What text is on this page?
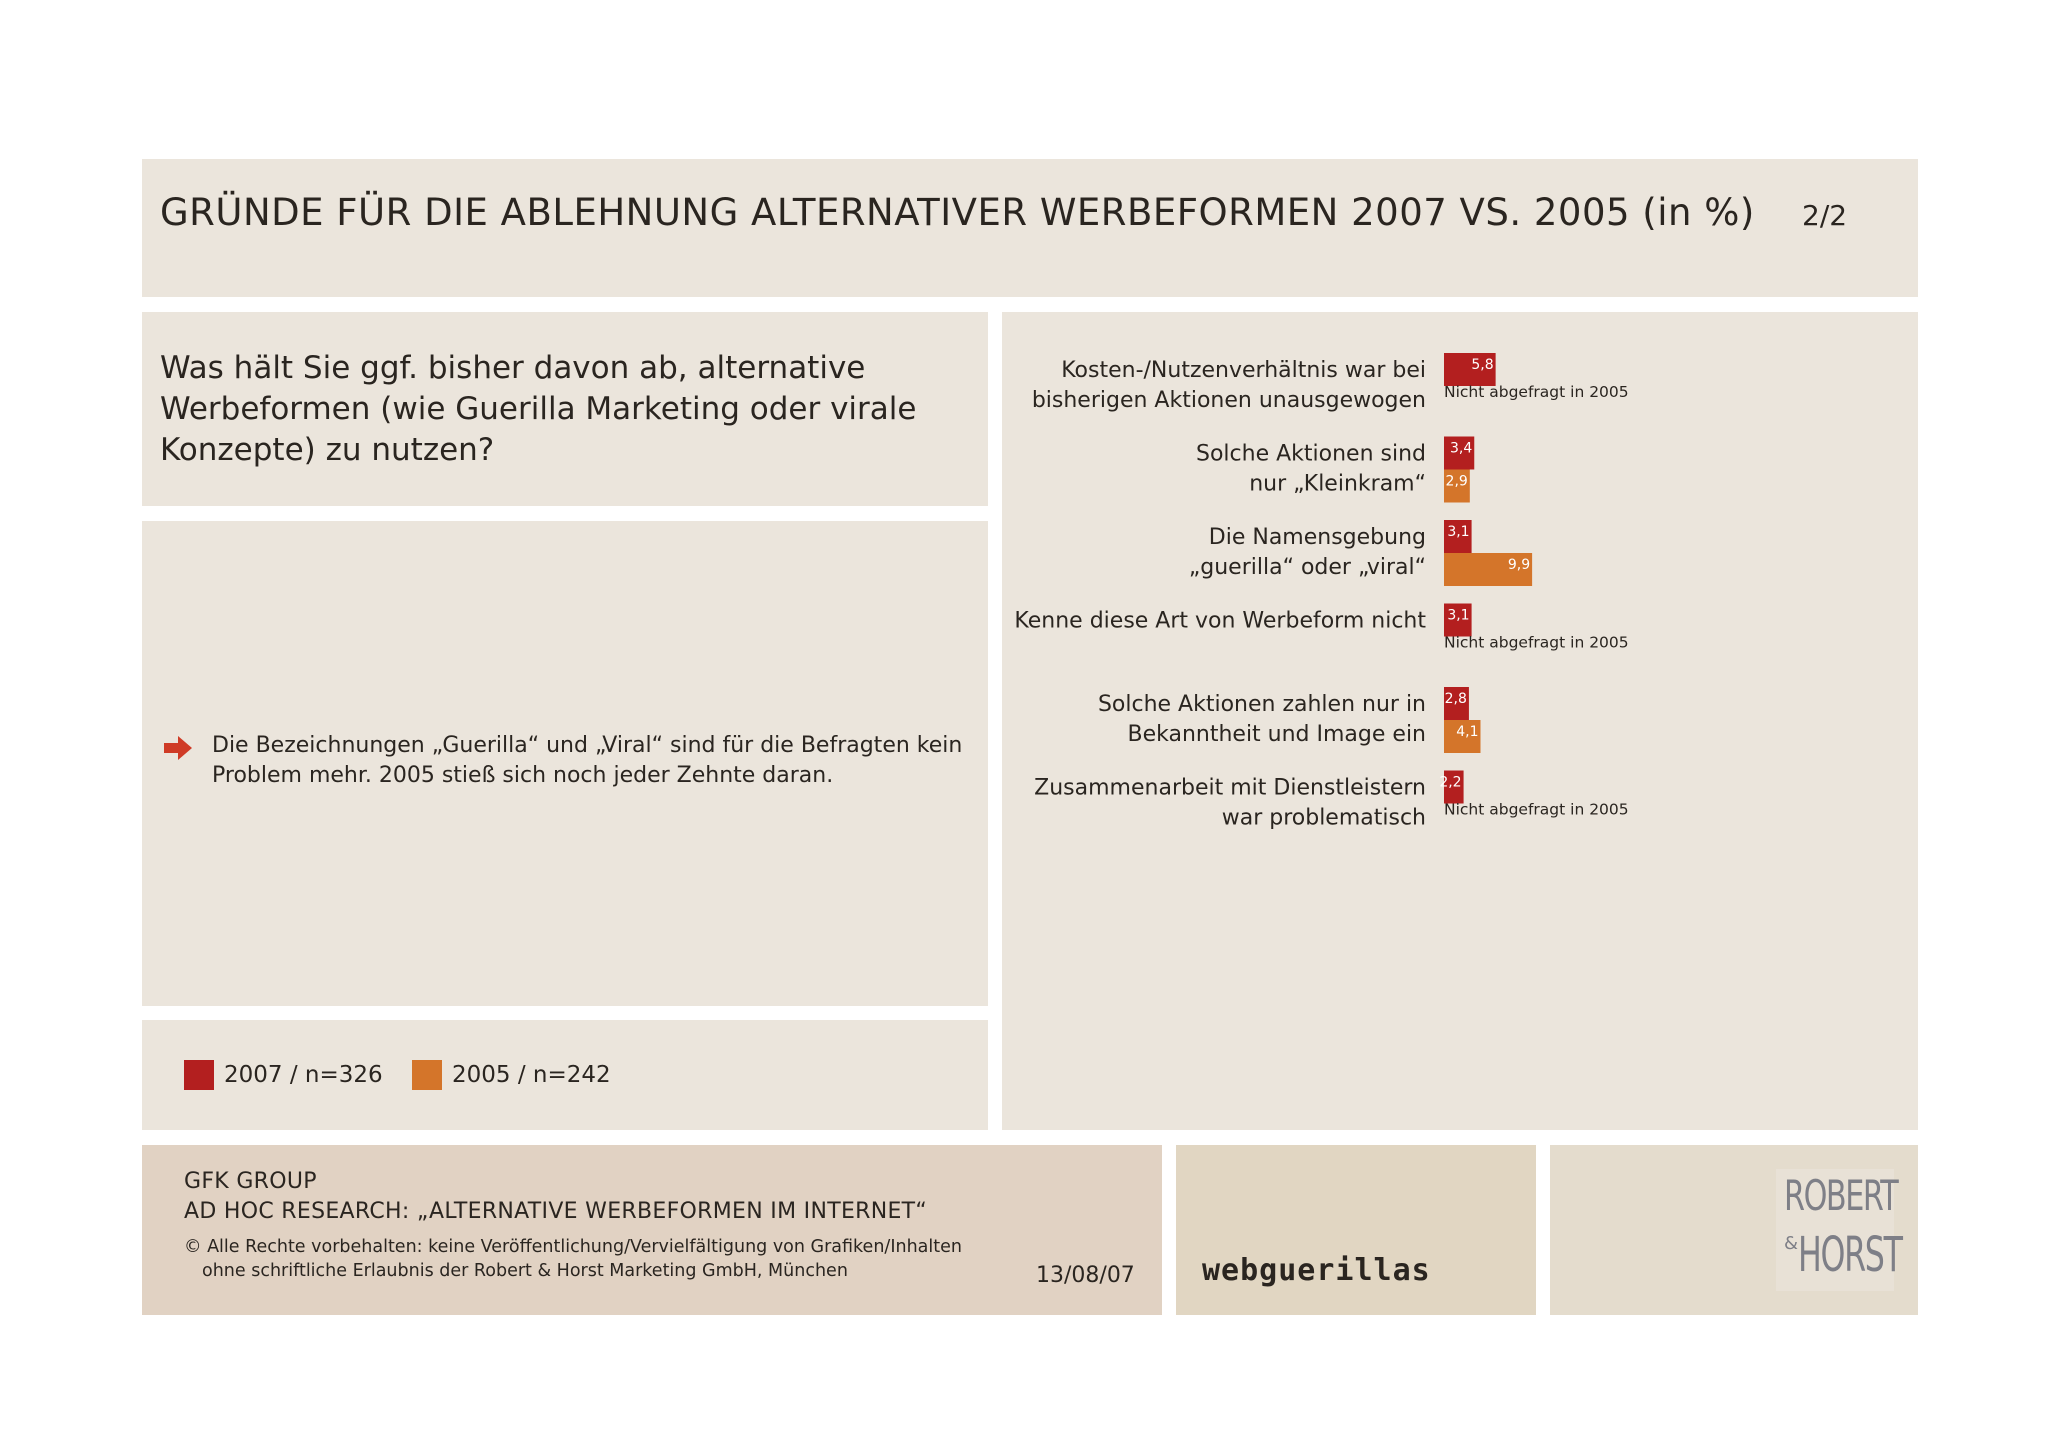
GRÜNDE FÜR DIE ABLEHNUNG ALTERNATIVER WERBEFORMEN 2007 VS. 2005 (in %) 2/2
Was hält Sie ggf. bisher davon ab, alternative Werbeformen (wie Guerilla Marketing oder virale Konzepte) zu nutzen?
Die Bezeichnungen „Guerilla“ und „Viral“ sind für die Befragten kein Problem mehr. 2005 stieß sich noch jeder Zehnte daran.
2007 / n=326	2005 / n=242
Kosten-/Nutzenverhältnis war bei
bisherigen Aktionen unausgewogen
5,8
Nicht abgefragt in 2005
Solche Aktionen sind
nur „Kleinkram“
3,4
2,9
Die Namensgebung
„guerilla“ oder „viral“
3,1
9,9
Kenne diese Art von Werbeform nicht 3,1
Nicht abgefragt in 2005
Solche Aktionen zahlen nur in
Bekanntheit und Image ein
2,8
4,1
Zusammenarbeit mit Dienstleistern
war problematisch
2,2
Nicht abgefragt in 2005
GFK GROUP
AD HOC RESEARCH: „ALTERNATIVE WERBEFORMEN IM INTERNET“
© Alle Rechte vorbehalten: keine Veröffentlichung/Vervielfältigung von Grafiken/Inhalten
ohne schriftliche Erlaubnis der Robert & Horst Marketing GmbH, München	13/08/07 webguerillas
ROBERT
& HORST
